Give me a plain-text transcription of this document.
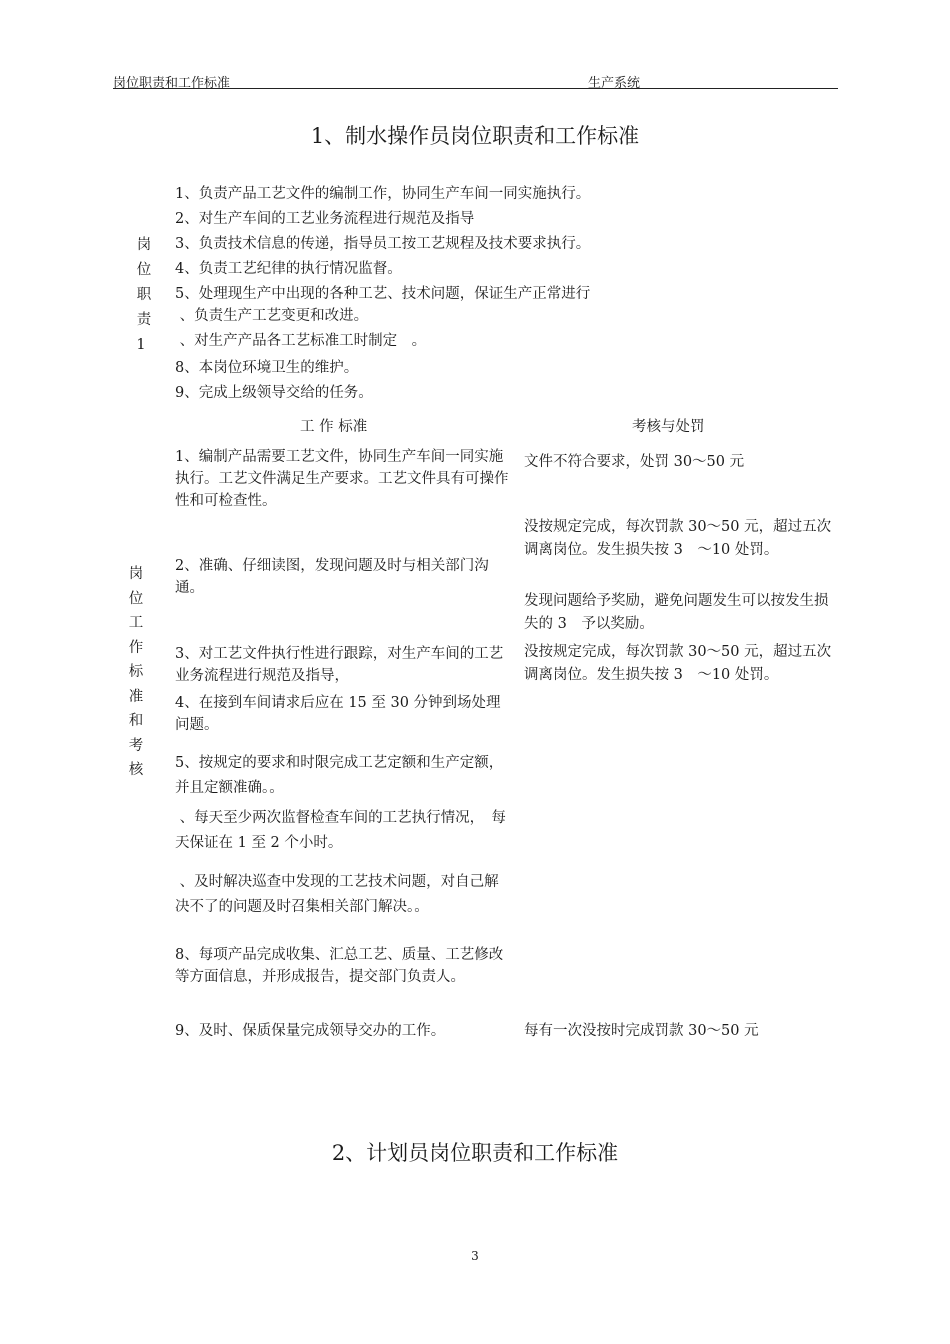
岗位职责和工作标准	生产系统
1、制水操作员岗位职责和工作标准
岗
位
职
责
1
1、负责产品工艺文件的编制工作，协同生产车间一同实施执行。
2、对生产车间的工艺业务流程进行规范及指导
3、负责技术信息的传递，指导员工按工艺规程及技术要求执行。
4、负责工艺纪律的执行情况监督。
5、处理现生产中出现的各种工艺、技术问题，保证生产正常进行
、负责生产工艺变更和改进。
、对生产产品各工艺标准工时制定　。
8、本岗位环境卫生的维护。
9、完成上级领导交给的任务。
工 作 标准	考核与处罚
岗
位
工
作
标
准
和
考
核
1、编制产品需要工艺文件，协同生产车间一同实施执行。工艺文件满足生产要求。工艺文件具有可操作性和可检查性。
2、准确、仔细读图，发现问题及时与相关部门沟通。
3、对工艺文件执行性进行跟踪，对生产车间的工艺业务流程进行规范及指导，
4、在接到车间请求后应在 15 至 30 分钟到场处理问题。
5、按规定的要求和时限完成工艺定额和生产定额，并且定额准确。。
、每天至少两次监督检查车间的工艺执行情况，　每天保证在 1 至 2 个小时。
、及时解决巡查中发现的工艺技术问题，对自己解决不了的问题及时召集相关部门解决。。
8、每项产品完成收集、汇总工艺、质量、工艺修改等方面信息，并形成报告，提交部门负责人。
9、及时、保质保量完成领导交办的工作。
文件不符合要求，处罚 30～50 元
没按规定完成，每次罚款 30～50 元，超过五次调离岗位。发生损失按 3　～10 处罚。
发现问题给予奖励，避免问题发生可以按发生损失的 3　予以奖励。
没按规定完成，每次罚款 30～50 元，超过五次调离岗位。发生损失按 3　～10 处罚。
每有一次没按时完成罚款 30～50 元
2、计划员岗位职责和工作标准
3
